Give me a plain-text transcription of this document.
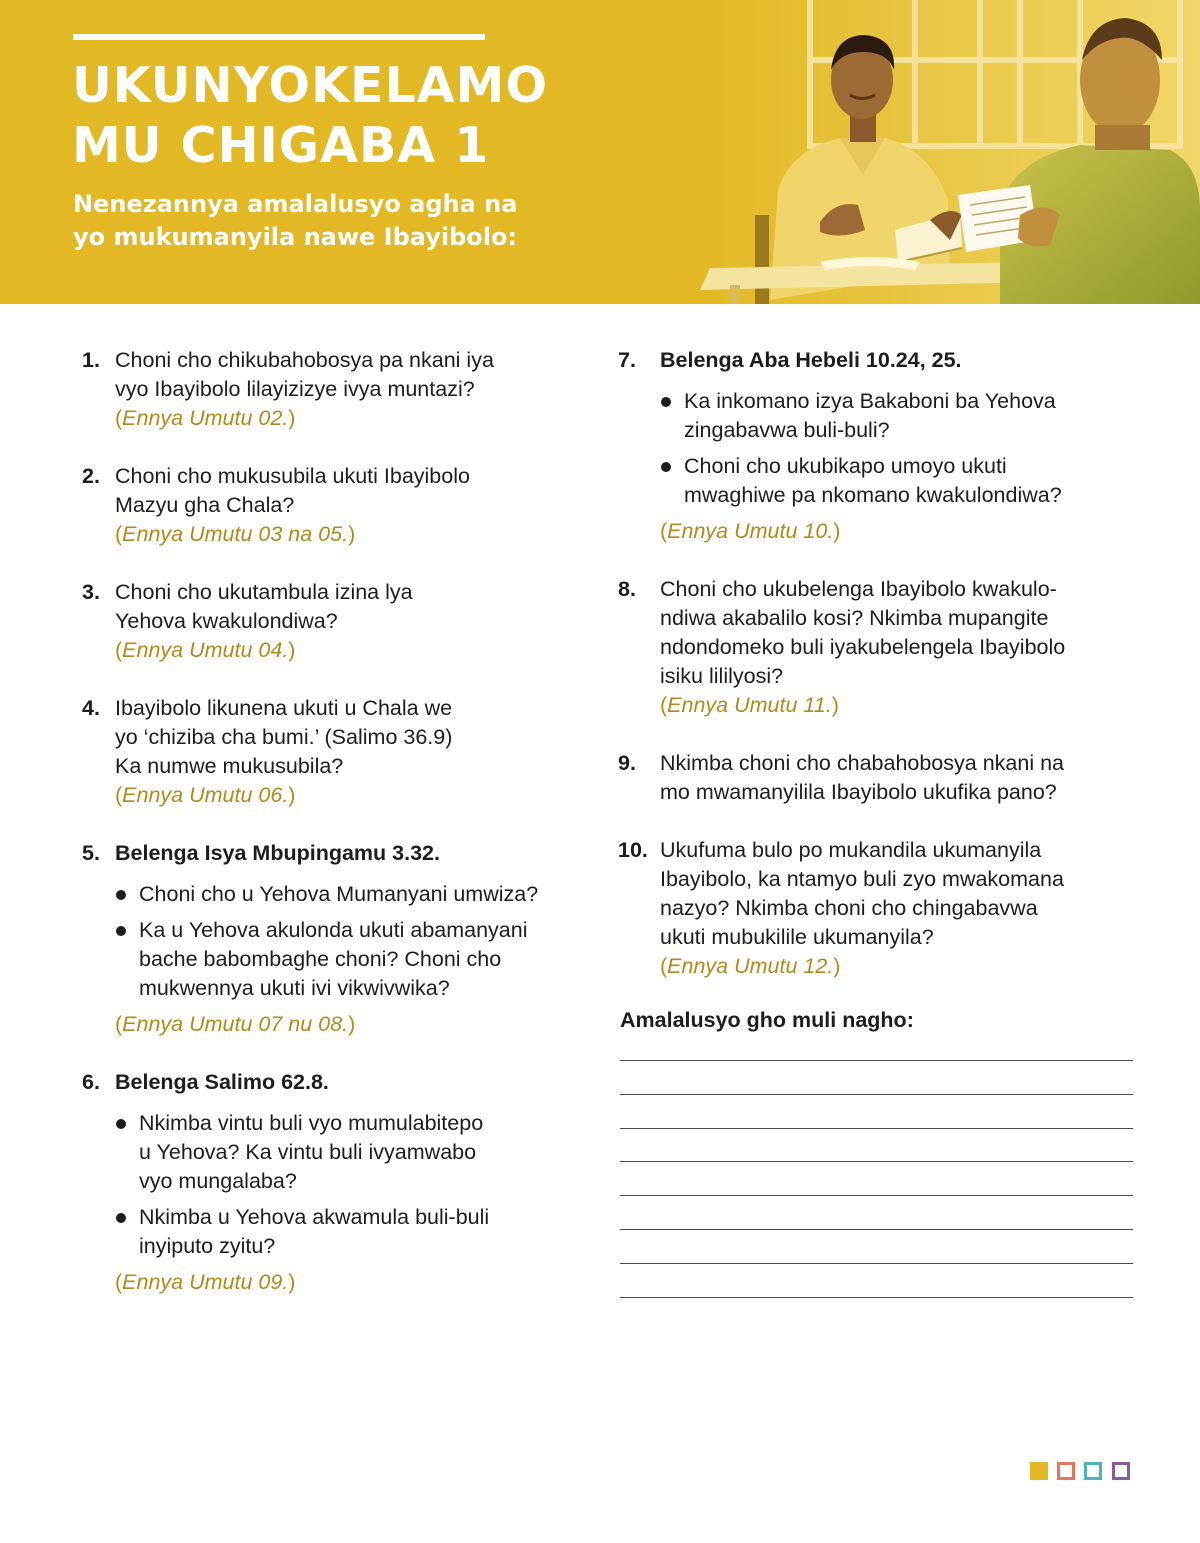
UKUNYOKELAMO
MU CHIGABA 1

Nenezannya amalalusyo agha na
yo mukumanyila nawe Ibayibolo:

1. Choni cho chikubahobosya pa nkani iya
vyo Ibayibolo lilayizizye ivya muntazi?
(Ennya Umutu 02.)
2. Choni cho mukusubila ukuti Ibayibolo
Mazyu gha Chala?
(Ennya Umutu 03 na 05.)
3. Choni cho ukutambula izina lya
Yehova kwakulondiwa?
(Ennya Umutu 04.)
4. Ibayibolo likunena ukuti u Chala we
yo ‘chiziba cha bumi.’ (Salimo 36.9)
Ka numwe mukusubila?
(Ennya Umutu 06.)
5. Belenga Isya Mbupingamu 3.32.
Choni cho u Yehova Mumanyani umwiza?
Ka u Yehova akulonda ukuti abamanyani
bache babombaghe choni? Choni cho
mukwennya ukuti ivi vikwivwika?
(Ennya Umutu 07 nu 08.)
6. Belenga Salimo 62.8.
Nkimba vintu buli vyo mumulabitepo
u Yehova? Ka vintu buli ivyamwabo
vyo mungalaba?
Nkimba u Yehova akwamula buli-buli
inyiputo zyitu?
(Ennya Umutu 09.)
7. Belenga Aba Hebeli 10.24, 25.
Ka inkomano izya Bakaboni ba Yehova
zingabavwa buli-buli?
Choni cho ukubikapo umoyo ukuti
mwaghiwe pa nkomano kwakulondiwa?
(Ennya Umutu 10.)
8. Choni cho ukubelenga Ibayibolo kwakulo-
ndiwa akabalilo kosi? Nkimba mupangite
ndondomeko buli iyakubelengela Ibayibolo
isiku lililyosi?
(Ennya Umutu 11.)
9. Nkimba choni cho chabahobosya nkani na
mo mwamanyilila Ibayibolo ukufika pano?
10. Ukufuma bulo po mukandila ukumanyila
Ibayibolo, ka ntamyo buli zyo mwakomana
nazyo? Nkimba choni cho chingabavwa
ukuti mubukilile ukumanyila?
(Ennya Umutu 12.)
Amalalusyo gho muli nagho:
